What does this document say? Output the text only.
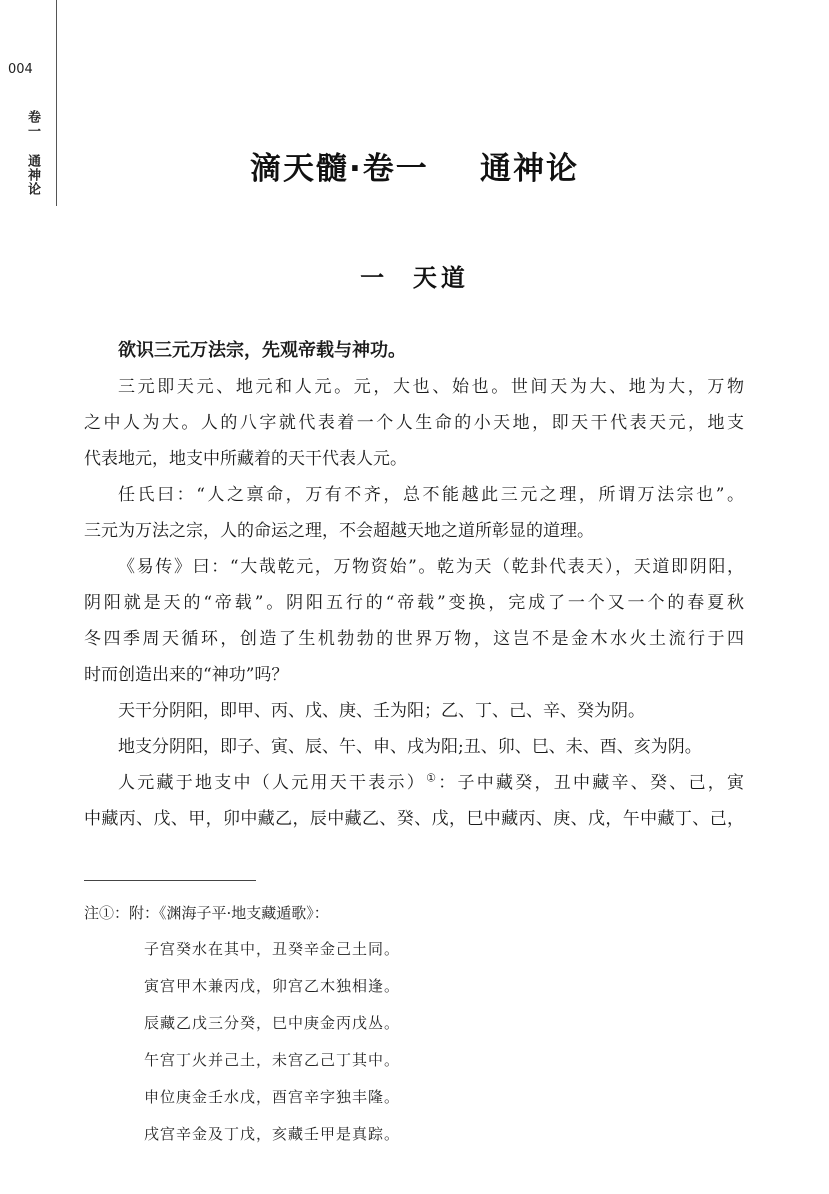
004
卷一 通神论	滴天髓·卷一    通神论
一  天道
欲识三元万法宗，先观帝载与神功。
三元即天元、地元和人元。元，大也、始也。世间天为大、地为大，万物
之中人为大。人的八字就代表着一个人生命的小天地，即天干代表天元，地支
代表地元，地支中所藏着的天干代表人元。
任氏曰：“人之禀命，万有不齐，总不能越此三元之理，所谓万法宗也”。
三元为万法之宗，人的命运之理，不会超越天地之道所彰显的道理。
《易传》曰：“大哉乾元，万物资始”。乾为天（乾卦代表天），天道即阴阳，
阴阳就是天的“帝载”。阴阳五行的“帝载”变换，完成了一个又一个的春夏秋
冬四季周天循环，创造了生机勃勃的世界万物，这岂不是金木水火土流行于四
时而创造出来的“神功”吗？
天干分阴阳，即甲、丙、戊、庚、壬为阳；乙、丁、己、辛、癸为阴。
地支分阴阳，即子、寅、辰、午、申、戌为阳;丑、卯、巳、未、酉、亥为阴。
人元藏于地支中（人元用天干表示）①：子中藏癸，丑中藏辛、癸、己，寅
中藏丙、戊、甲，卯中藏乙，辰中藏乙、癸、戊，巳中藏丙、庚、戊，午中藏丁、己，
注①：附：《渊海子平·地支藏遁歌》：
子宫癸水在其中，丑癸辛金己土同。
寅宫甲木兼丙戊，卯宫乙木独相逢。
辰藏乙戊三分癸，巳中庚金丙戊丛。
午宫丁火并己土，未宫乙己丁其中。
申位庚金壬水戊，酉宫辛字独丰隆。
戌宫辛金及丁戊，亥藏壬甲是真踪。
